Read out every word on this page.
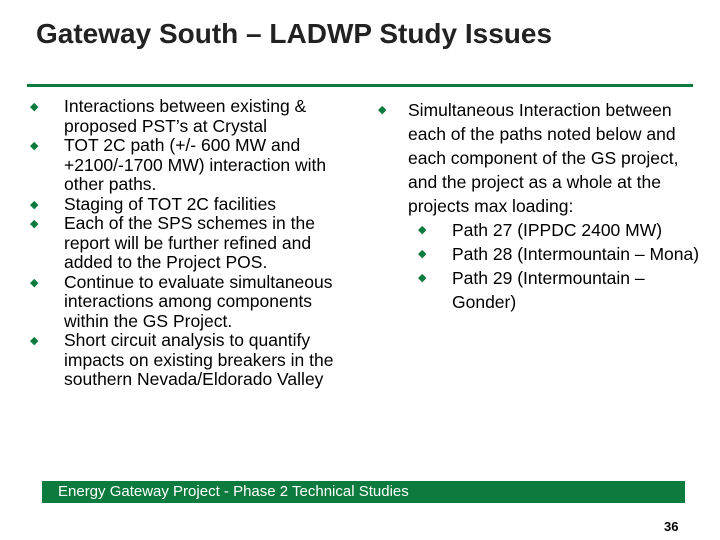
Gateway South – LADWP Study Issues
◆ Interactions between existing & proposed PST’s at Crystal
◆ TOT 2C path (+/- 600 MW and +2100/-1700 MW) interaction with other paths.
◆ Staging of TOT 2C facilities
◆ Each of the SPS schemes in the report will be further refined and added to the Project POS.
◆ Continue to evaluate simultaneous interactions among components within the GS Project.
◆ Short circuit analysis to quantify impacts on existing breakers in the southern Nevada/Eldorado Valley
◆ Simultaneous Interaction between each of the paths noted below and each component of the GS project, and the project as a whole at the projects max loading:
◆ Path 27 (IPPDC 2400 MW)
◆ Path 28 (Intermountain – Mona)
◆ Path 29 (Intermountain – Gonder)
Energy Gateway Project - Phase 2 Technical Studies
36
